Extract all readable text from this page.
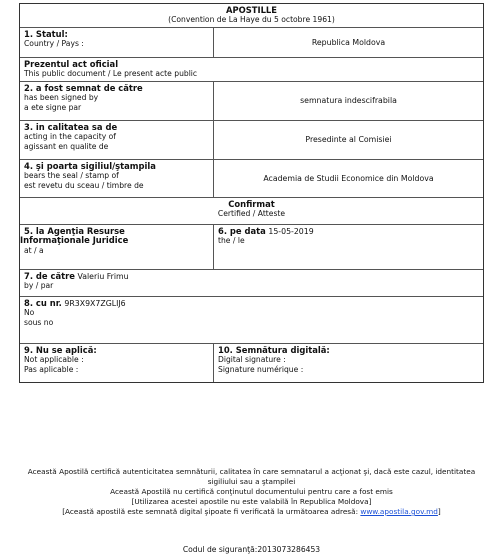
APOSTILLE
(Convention de La Haye du 5 octobre 1961)
1. Statul:
Country / Pays :	Republica Moldova
Prezentul act oficial
This public document / Le present acte public
2. a fost semnat de către
has been signed by
a ete signe par
semnatura indescifrabila
3. in calitatea sa de
acting in the capacity of
agissant en qualite de
Presedinte al Comisiei
4. şi poarta sigiliul/ştampila
bears the seal / stamp of
est revetu du sceau / timbre de
Academia de Studii Economice din Moldova
Confirmat
Certified / Atteste
5. la Agenţia Resurse
Informaţionale Juridice
at / a
6. pe data 15-05-2019
the / le
7. de către Valeriu Frimu
by / par
8. cu nr. 9R3X9X7ZGLIJ6
No
sous no
9. Nu se aplică:
Not applicable :
Pas aplicable :
10. Semnătura digitală:
Digital signature :
Signature numérique :
Această Apostilă certifică autenticitatea semnăturii, calitatea în care semnatarul a acţionat şi, dacă este cazul, identitatea
sigiliului sau a ştampilei
Această Apostilă nu certifică conţinutul documentului pentru care a fost emis
[Utilizarea acestei apostile nu este valabilă în Republica Moldova]
[Această apostilă este semnată digital şipoate fi verificată la următoarea adresă: www.apostila.gov.md]
Codul de siguranţă:2013073286453
